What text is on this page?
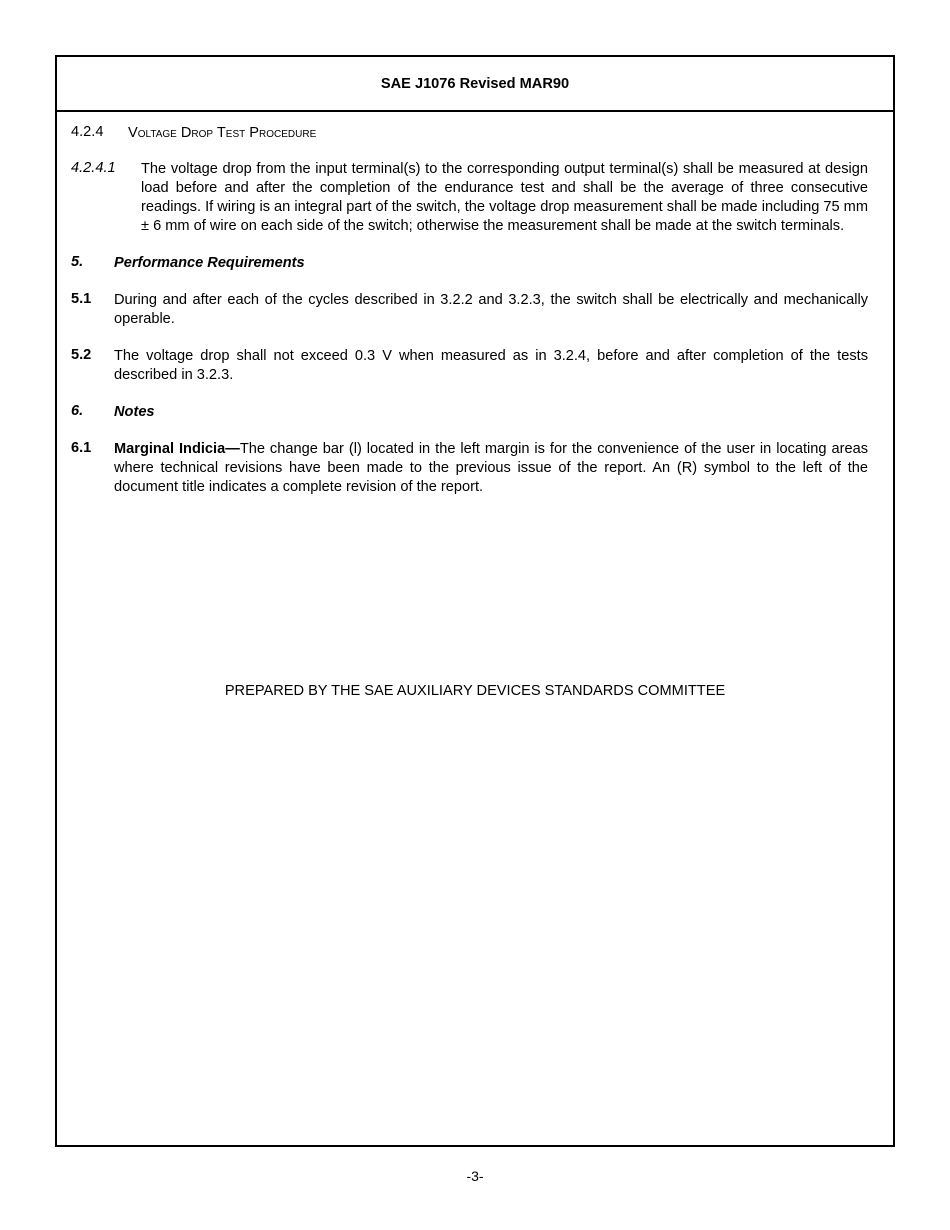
SAE J1076 Revised MAR90
4.2.4 Voltage Drop Test Procedure
4.2.4.1 The voltage drop from the input terminal(s) to the corresponding output terminal(s) shall be measured at design load before and after the completion of the endurance test and shall be the average of three consecutive readings. If wiring is an integral part of the switch, the voltage drop measurement shall be made including 75 mm ± 6 mm of wire on each side of the switch; otherwise the measurement shall be made at the switch terminals.
5. Performance Requirements
5.1 During and after each of the cycles described in 3.2.2 and 3.2.3, the switch shall be electrically and mechanically operable.
5.2 The voltage drop shall not exceed 0.3 V when measured as in 3.2.4, before and after completion of the tests described in 3.2.3.
6. Notes
6.1 Marginal Indicia—The change bar (l) located in the left margin is for the convenience of the user in locating areas where technical revisions have been made to the previous issue of the report. An (R) symbol to the left of the document title indicates a complete revision of the report.
PREPARED BY THE SAE AUXILIARY DEVICES STANDARDS COMMITTEE
-3-
